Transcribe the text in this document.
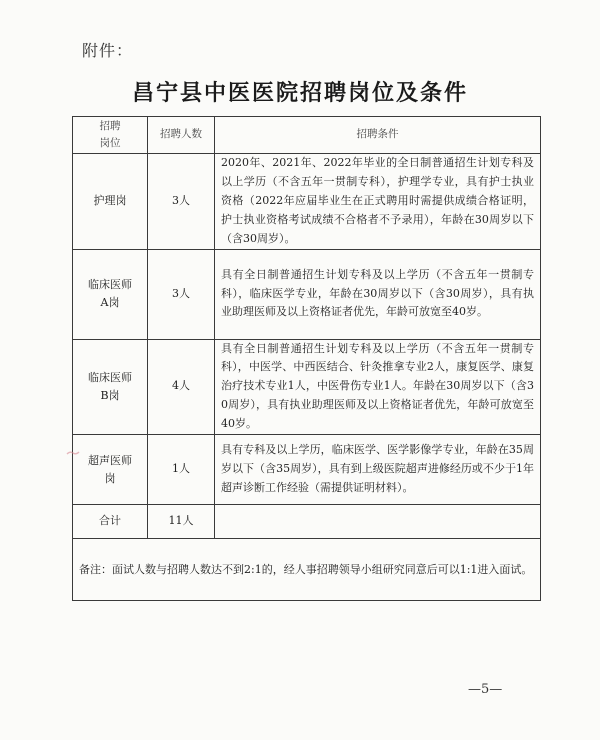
附件：
昌宁县中医医院招聘岗位及条件
招聘
岗位	招聘人数	招聘条件

护理岗	3人	2020年、2021年、2022年毕业的全日制普通招生计划专科及以上学历（不含五年一贯制专科），护理学专业，具有护士执业资格（2022年应届毕业生在正式聘用时需提供成绩合格证明，护士执业资格考试成绩不合格者不予录用），年龄在30周岁以下（含30周岁）。

临床医师
A岗	3人	具有全日制普通招生计划专科及以上学历（不含五年一贯制专科），临床医学专业，年龄在30周岁以下（含30周岁），具有执业助理医师及以上资格证者优先，年龄可放宽至40岁。

临床医师
B岗	4人	具有全日制普通招生计划专科及以上学历（不含五年一贯制专科），中医学、中西医结合、针灸推拿专业2人，康复医学、康复治疗技术专业1人，中医骨伤专业1人。年龄在30周岁以下（含30周岁），具有执业助理医师及以上资格证者优先，年龄可放宽至40岁。

超声医师
岗	1人	具有专科及以上学历，临床医学、医学影像学专业，年龄在35周岁以下（含35周岁），具有到上级医院超声进修经历或不少于1年超声诊断工作经验（需提供证明材料）。

合计	11人	

备注：面试人数与招聘人数达不到2:1的，经人事招聘领导小组研究同意后可以1:1进入面试。		
—5—
